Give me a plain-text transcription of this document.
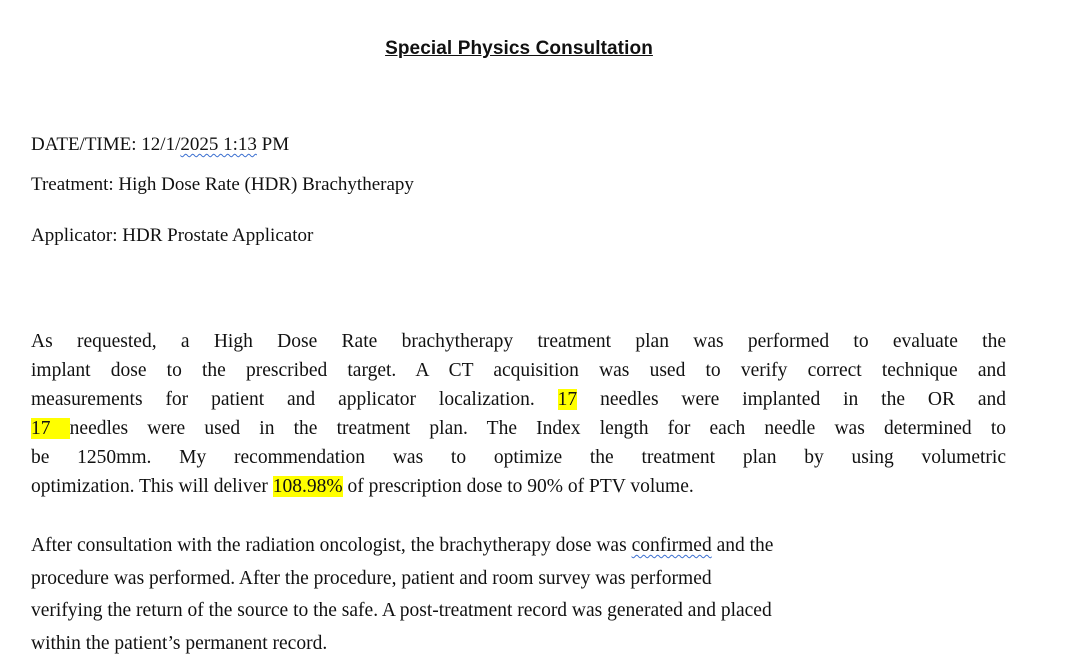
Special Physics Consultation
DATE/TIME: 12/1/2025 1:13 PM
Treatment: High Dose Rate (HDR) Brachytherapy
Applicator: HDR Prostate Applicator
As requested, a High Dose Rate brachytherapy treatment plan was performed to evaluate the
implant dose to the prescribed target. A CT acquisition was used to verify correct technique and
measurements for patient and applicator localization. 17 needles were implanted in the OR and
17 needles were used in the treatment plan. The Index length for each needle was determined to
be 1250mm. My recommendation was to optimize the treatment plan by using volumetric
optimization. This will deliver 108.98% of prescription dose to 90% of PTV volume.
After consultation with the radiation oncologist, the brachytherapy dose was confirmed and the
procedure was performed. After the procedure, patient and room survey was performed
verifying the return of the source to the safe. A post-treatment record was generated and placed
within the patient’s permanent record.
